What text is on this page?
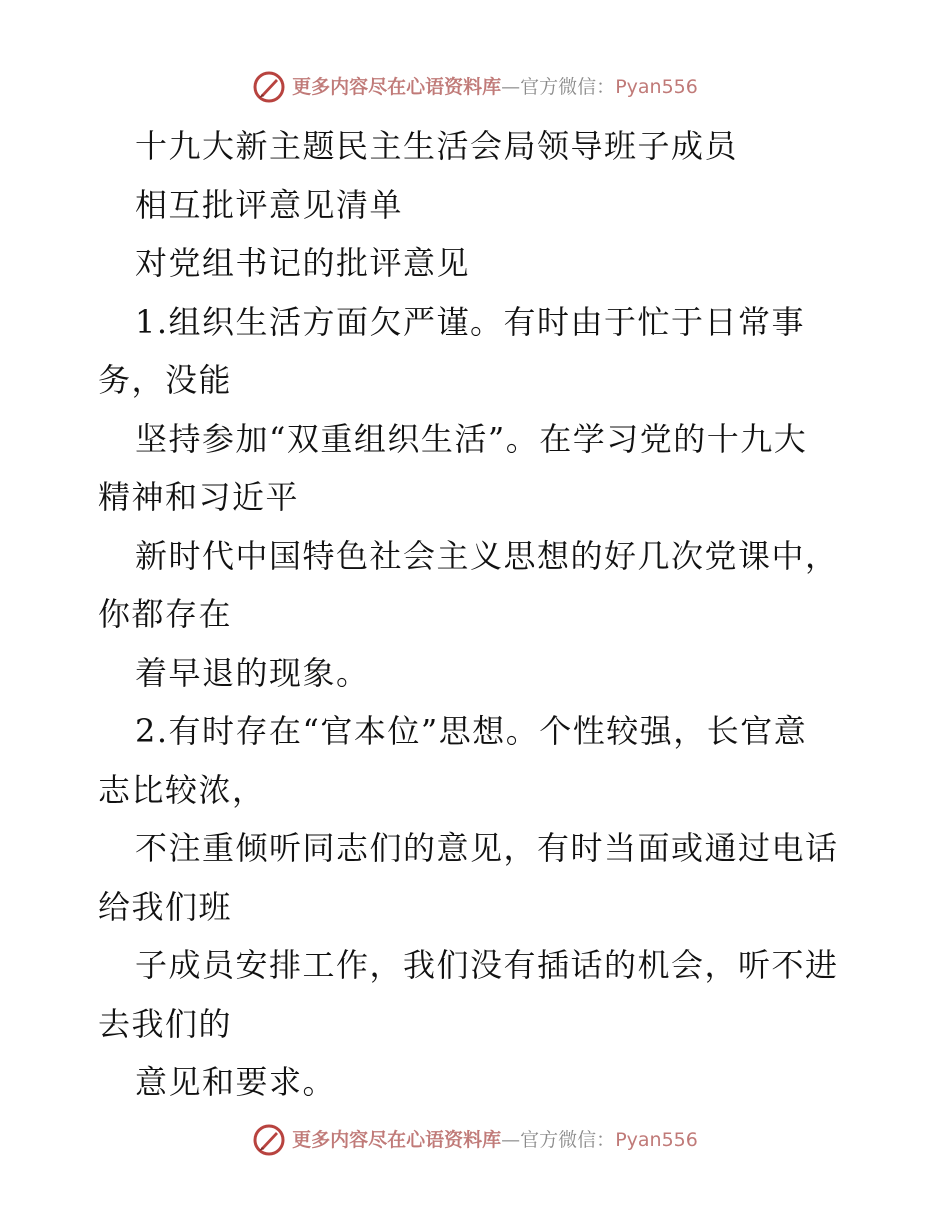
更多内容尽在心语资料库—官方微信：Pyan556
十九大新主题民主生活会局领导班子成员
相互批评意见清单
对党组书记的批评意见
1.组织生活方面欠严谨。有时由于忙于日常事
务，没能
坚持参加“双重组织生活”。在学习党的十九大
精神和习近平
新时代中国特色社会主义思想的好几次党课中，
你都存在
着早退的现象。
2.有时存在“官本位”思想。个性较强，长官意
志比较浓，
不注重倾听同志们的意见，有时当面或通过电话
给我们班
子成员安排工作，我们没有插话的机会，听不进
去我们的
意见和要求。
更多内容尽在心语资料库—官方微信：Pyan556
